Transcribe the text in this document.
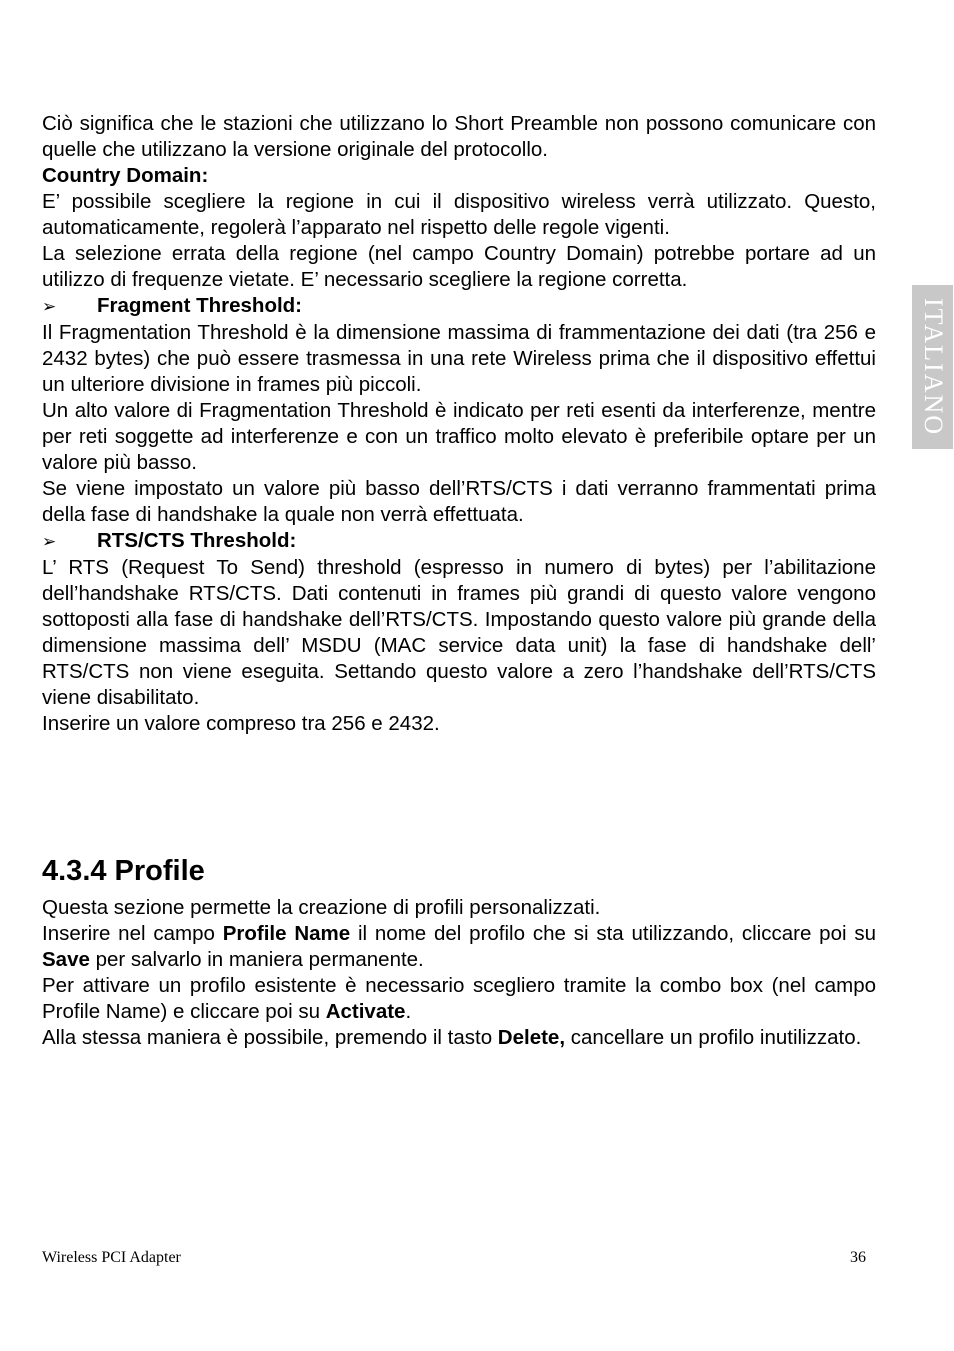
ITALIANO

Ciò significa che le stazioni che utilizzano lo Short Preamble non possono comunicare con quelle che utilizzano la versione originale del protocollo.

Country Domain:

E’ possibile scegliere la regione in cui il dispositivo wireless verrà utilizzato. Questo, automaticamente, regolerà l’apparato nel rispetto delle regole vigenti.

La selezione errata della regione (nel campo Country Domain) potrebbe portare ad un utilizzo di frequenze vietate. E’ necessario scegliere la regione corretta.

➢	Fragment Threshold:

Il Fragmentation Threshold è la dimensione massima di frammentazione dei dati (tra 256 e 2432 bytes) che può essere trasmessa in una rete Wireless prima che il dispositivo effettui un ulteriore divisione in frames più piccoli.

Un alto valore di Fragmentation Threshold è indicato per reti esenti da interferenze, mentre per reti soggette ad interferenze e con un traffico molto elevato è preferibile optare per un valore più basso.

Se viene impostato un valore più basso dell’RTS/CTS i dati verranno frammentati prima della fase di handshake la quale non verrà effettuata.

➢	RTS/CTS Threshold:

L’ RTS (Request To Send) threshold (espresso in numero di bytes) per l’abilitazione dell’handshake RTS/CTS. Dati contenuti in frames più grandi di questo valore vengono sottoposti alla fase di handshake dell’RTS/CTS. Impostando questo valore più grande della dimensione massima dell’ MSDU (MAC service data unit) la fase di handshake dell’ RTS/CTS non viene eseguita. Settando questo valore a zero l’handshake dell’RTS/CTS viene disabilitato.

Inserire un valore compreso tra 256 e 2432.

4.3.4 Profile

Questa sezione permette la creazione di profili personalizzati.

Inserire nel campo Profile Name il nome del profilo che si sta utilizzando, cliccare poi su Save per salvarlo in maniera permanente.

Per attivare un profilo esistente è necessario scegliero tramite la combo box (nel campo Profile Name) e cliccare poi su Activate.

Alla stessa maniera è possibile, premendo il tasto Delete, cancellare un profilo inutilizzato.

Wireless PCI Adapter	36
